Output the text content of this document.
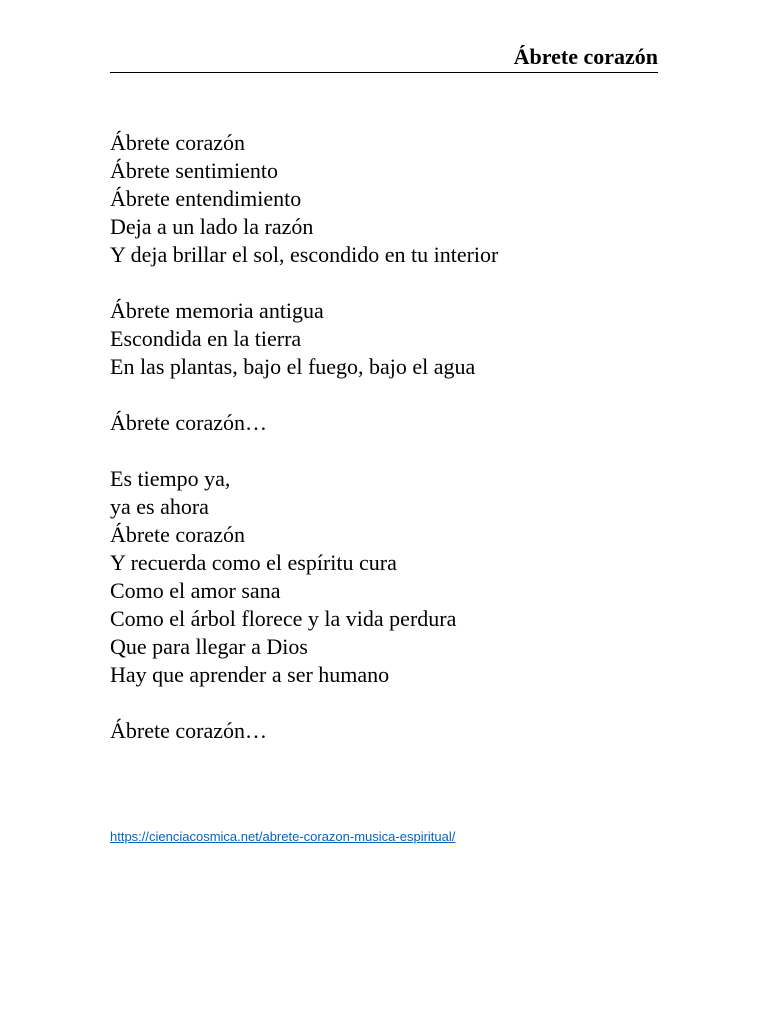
Ábrete corazón
Ábrete corazón
Ábrete sentimiento
Ábrete entendimiento
Deja a un lado la razón
Y deja brillar el sol, escondido en tu interior
Ábrete memoria antigua
Escondida en la tierra
En las plantas, bajo el fuego, bajo el agua
Ábrete corazón…
Es tiempo ya,
ya es ahora
Ábrete corazón
Y recuerda como el espíritu cura
Como el amor sana
Como el árbol florece y la vida perdura
Que para llegar a Dios
Hay que aprender a ser humano
Ábrete corazón…
https://cienciacosmica.net/abrete-corazon-musica-espiritual/
